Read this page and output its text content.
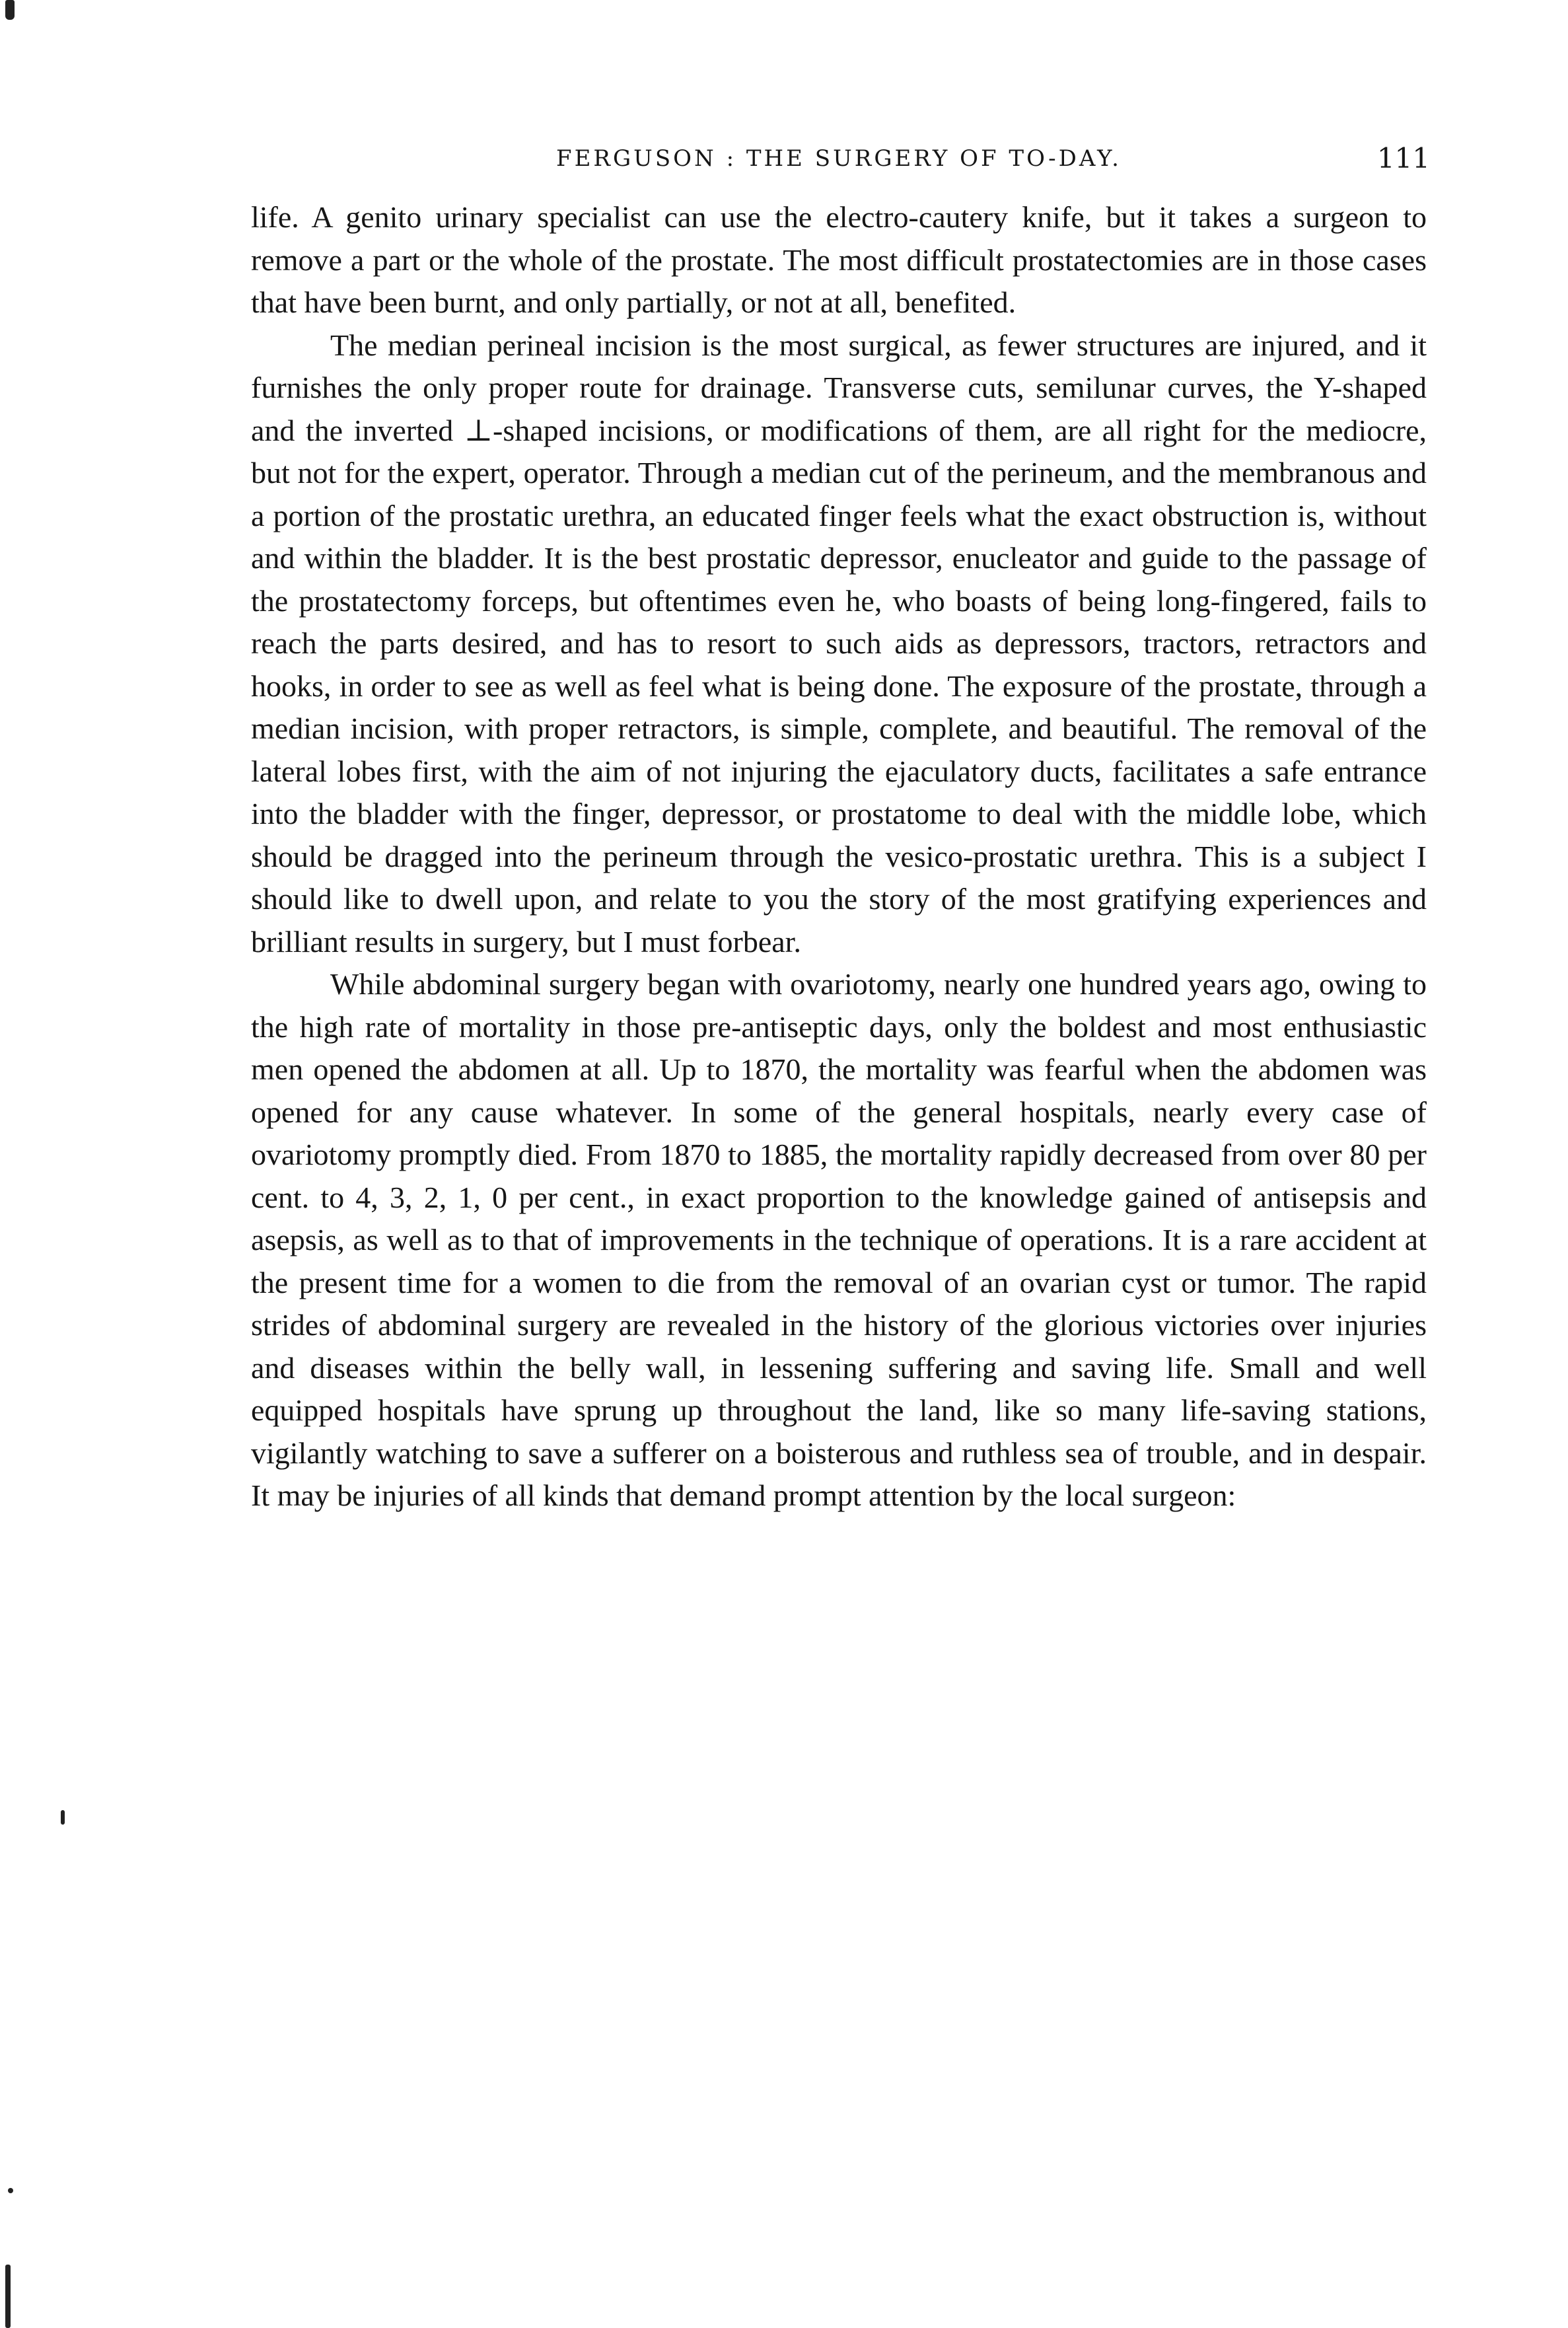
FERGUSON : THE SURGERY OF TO-DAY.	111

life. A genito urinary specialist can use the electro-cautery knife, but it takes a surgeon to remove a part or the whole of the prostate. The most difficult prostatectomies are in those cases that have been burnt, and only partially, or not at all, benefited.

The median perineal incision is the most surgical, as fewer structures are injured, and it furnishes the only proper route for drainage. Transverse cuts, semilunar curves, the Y-shaped and the inverted ⊥-shaped incisions, or modifications of them, are all right for the mediocre, but not for the expert, operator. Through a median cut of the perineum, and the membranous and a portion of the prostatic urethra, an educated finger feels what the exact obstruction is, without and within the bladder. It is the best prostatic depressor, enucleator and guide to the passage of the prostatectomy forceps, but oftentimes even he, who boasts of being long-fingered, fails to reach the parts desired, and has to resort to such aids as depressors, tractors, retractors and hooks, in order to see as well as feel what is being done. The exposure of the prostate, through a median incision, with proper retractors, is simple, complete, and beautiful. The removal of the lateral lobes first, with the aim of not injuring the ejaculatory ducts, facilitates a safe entrance into the bladder with the finger, depressor, or prostatome to deal with the middle lobe, which should be dragged into the perineum through the vesico-prostatic urethra. This is a subject I should like to dwell upon, and relate to you the story of the most gratifying experiences and brilliant results in surgery, but I must forbear.

While abdominal surgery began with ovariotomy, nearly one hundred years ago, owing to the high rate of mortality in those pre-antiseptic days, only the boldest and most enthusiastic men opened the abdomen at all. Up to 1870, the mortality was fearful when the abdomen was opened for any cause whatever. In some of the general hospitals, nearly every case of ovariotomy promptly died. From 1870 to 1885, the mortality rapidly decreased from over 80 per cent. to 4, 3, 2, 1, 0 per cent., in exact proportion to the knowledge gained of antisepsis and asepsis, as well as to that of improvements in the technique of operations. It is a rare accident at the present time for a women to die from the removal of an ovarian cyst or tumor. The rapid strides of abdominal surgery are revealed in the history of the glorious victories over injuries and diseases within the belly wall, in lessening suffering and saving life. Small and well equipped hospitals have sprung up throughout the land, like so many life-saving stations, vigilantly watching to save a sufferer on a boisterous and ruthless sea of trouble, and in despair. It may be injuries of all kinds that demand prompt attention by the local surgeon:
